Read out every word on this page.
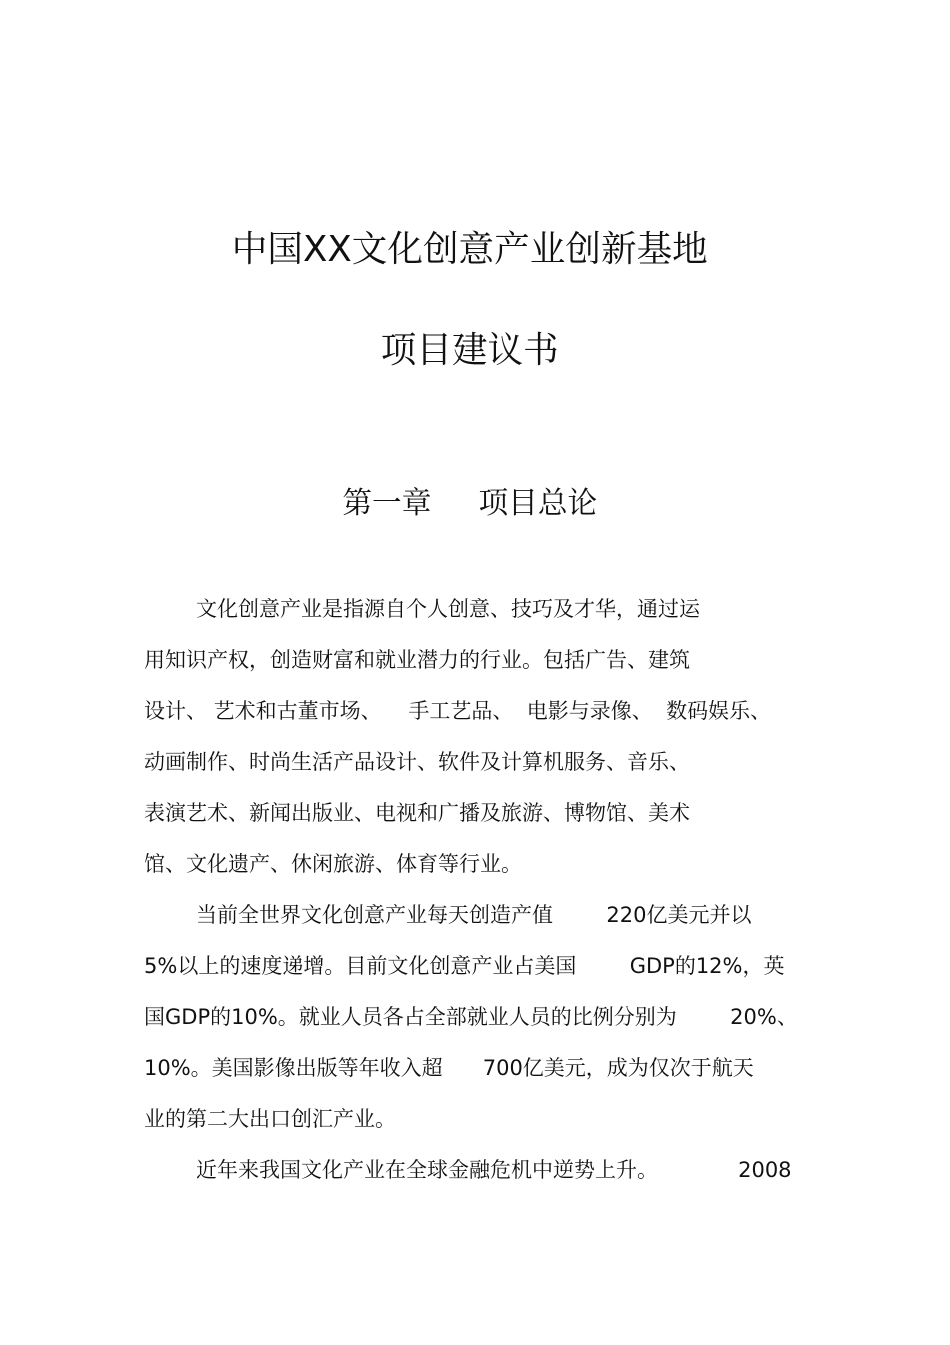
中国XX文化创意产业创新基地
项目建议书
第一章     项目总论
文化创意产业是指源自个人创意、技巧及才华，通过运
用知识产权，创造财富和就业潜力的行业。包括广告、建筑
设计、 艺术和古董市场、    手工艺品、  电影与录像、  数码娱乐、
动画制作、时尚生活产品设计、软件及计算机服务、音乐、
表演艺术、新闻出版业、电视和广播及旅游、博物馆、美术
馆、文化遗产、休闲旅游、体育等行业。
当前全世界文化创意产业每天创造产值        220亿美元并以
5%以上的速度递增。目前文化创意产业占美国        GDP的12%，英
国GDP的10%。就业人员各占全部就业人员的比例分别为        20%、
10%。美国影像出版等年收入超      700亿美元，成为仅次于航天
业的第二大出口创汇产业。
近年来我国文化产业在全球金融危机中逆势上升。            2008
